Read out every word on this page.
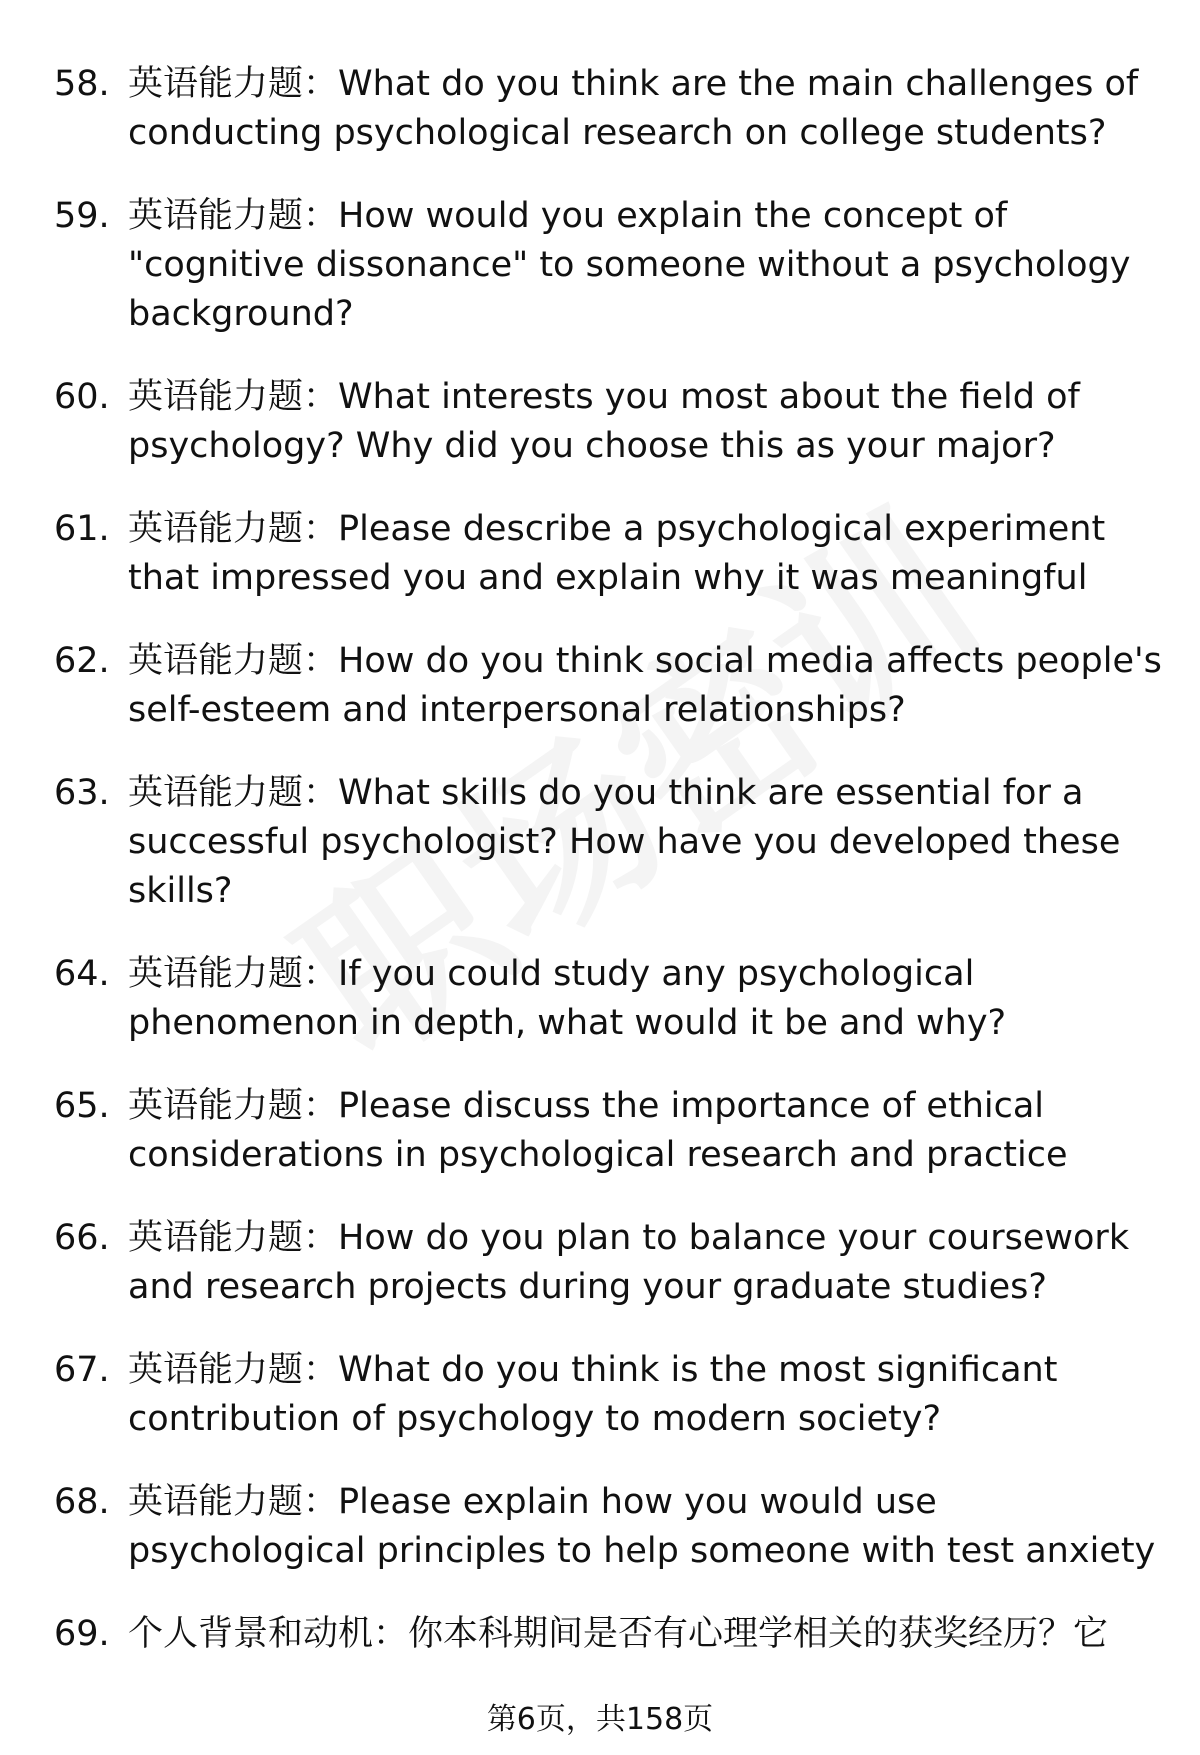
58. 英语能力题：What do you think are the main challenges of conducting psychological research on college students?
59. 英语能力题：How would you explain the concept of "cognitive dissonance" to someone without a psychology background?
60. 英语能力题：What interests you most about the field of psychology? Why did you choose this as your major?
61. 英语能力题：Please describe a psychological experiment that impressed you and explain why it was meaningful
62. 英语能力题：How do you think social media affects people's self-esteem and interpersonal relationships?
63. 英语能力题：What skills do you think are essential for a successful psychologist? How have you developed these skills?
64. 英语能力题：If you could study any psychological phenomenon in depth, what would it be and why?
65. 英语能力题：Please discuss the importance of ethical considerations in psychological research and practice
66. 英语能力题：How do you plan to balance your coursework and research projects during your graduate studies?
67. 英语能力题：What do you think is the most significant contribution of psychology to modern society?
68. 英语能力题：Please explain how you would use psychological principles to help someone with test anxiety
69. 个人背景和动机：你本科期间是否有心理学相关的获奖经历？它
第6页，共158页
